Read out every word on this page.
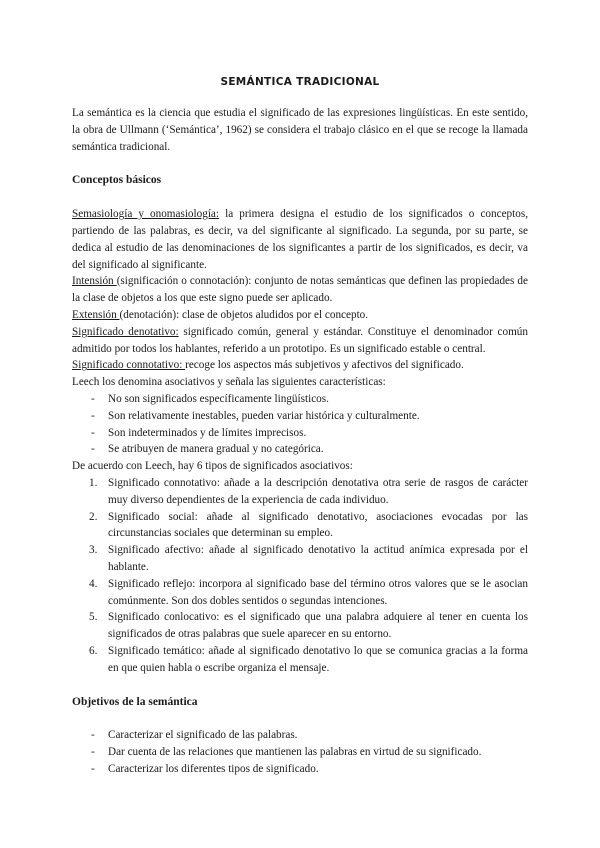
SEMÁNTICA TRADICIONAL

La semántica es la ciencia que estudia el significado de las expresiones lingüísticas. En este sentido, la obra de Ullmann (‘Semántica’, 1962) se considera el trabajo clásico en el que se recoge la llamada semántica tradicional.

Conceptos básicos

Semasiología y onomasiología: la primera designa el estudio de los significados o conceptos, partiendo de las palabras, es decir, va del significante al significado. La segunda, por su parte, se dedica al estudio de las denominaciones de los significantes a partir de los significados, es decir, va del significado al significante.

Intensión (significación o connotación): conjunto de notas semánticas que definen las propiedades de la clase de objetos a los que este signo puede ser aplicado.

Extensión (denotación): clase de objetos aludidos por el concepto.

Significado denotativo: significado común, general y estándar. Constituye el denominador común admitido por todos los hablantes, referido a un prototipo. Es un significado estable o central.

Significado connotativo: recoge los aspectos más subjetivos y afectivos del significado.

Leech los denomina asociativos y señala las siguientes características:

- No son significados específicamente lingüísticos.
- Son relativamente inestables, pueden variar histórica y culturalmente.
- Son indeterminados y de límites imprecisos.
- Se atribuyen de manera gradual y no categórica.

De acuerdo con Leech, hay 6 tipos de significados asociativos:

1. Significado connotativo: añade a la descripción denotativa otra serie de rasgos de carácter muy diverso dependientes de la experiencia de cada individuo.
2. Significado social: añade al significado denotativo, asociaciones evocadas por las circunstancias sociales que determinan su empleo.
3. Significado afectivo: añade al significado denotativo la actitud anímica expresada por el hablante.
4. Significado reflejo: incorpora al significado base del término otros valores que se le asocian comúnmente. Son dos dobles sentidos o segundas intenciones.
5. Significado conlocativo: es el significado que una palabra adquiere al tener en cuenta los significados de otras palabras que suele aparecer en su entorno.
6. Significado temático: añade al significado denotativo lo que se comunica gracias a la forma en que quien habla o escribe organiza el mensaje.
Objetivos de la semántica
- Caracterizar el significado de las palabras.
- Dar cuenta de las relaciones que mantienen las palabras en virtud de su significado.
- Caracterizar los diferentes tipos de significado.
